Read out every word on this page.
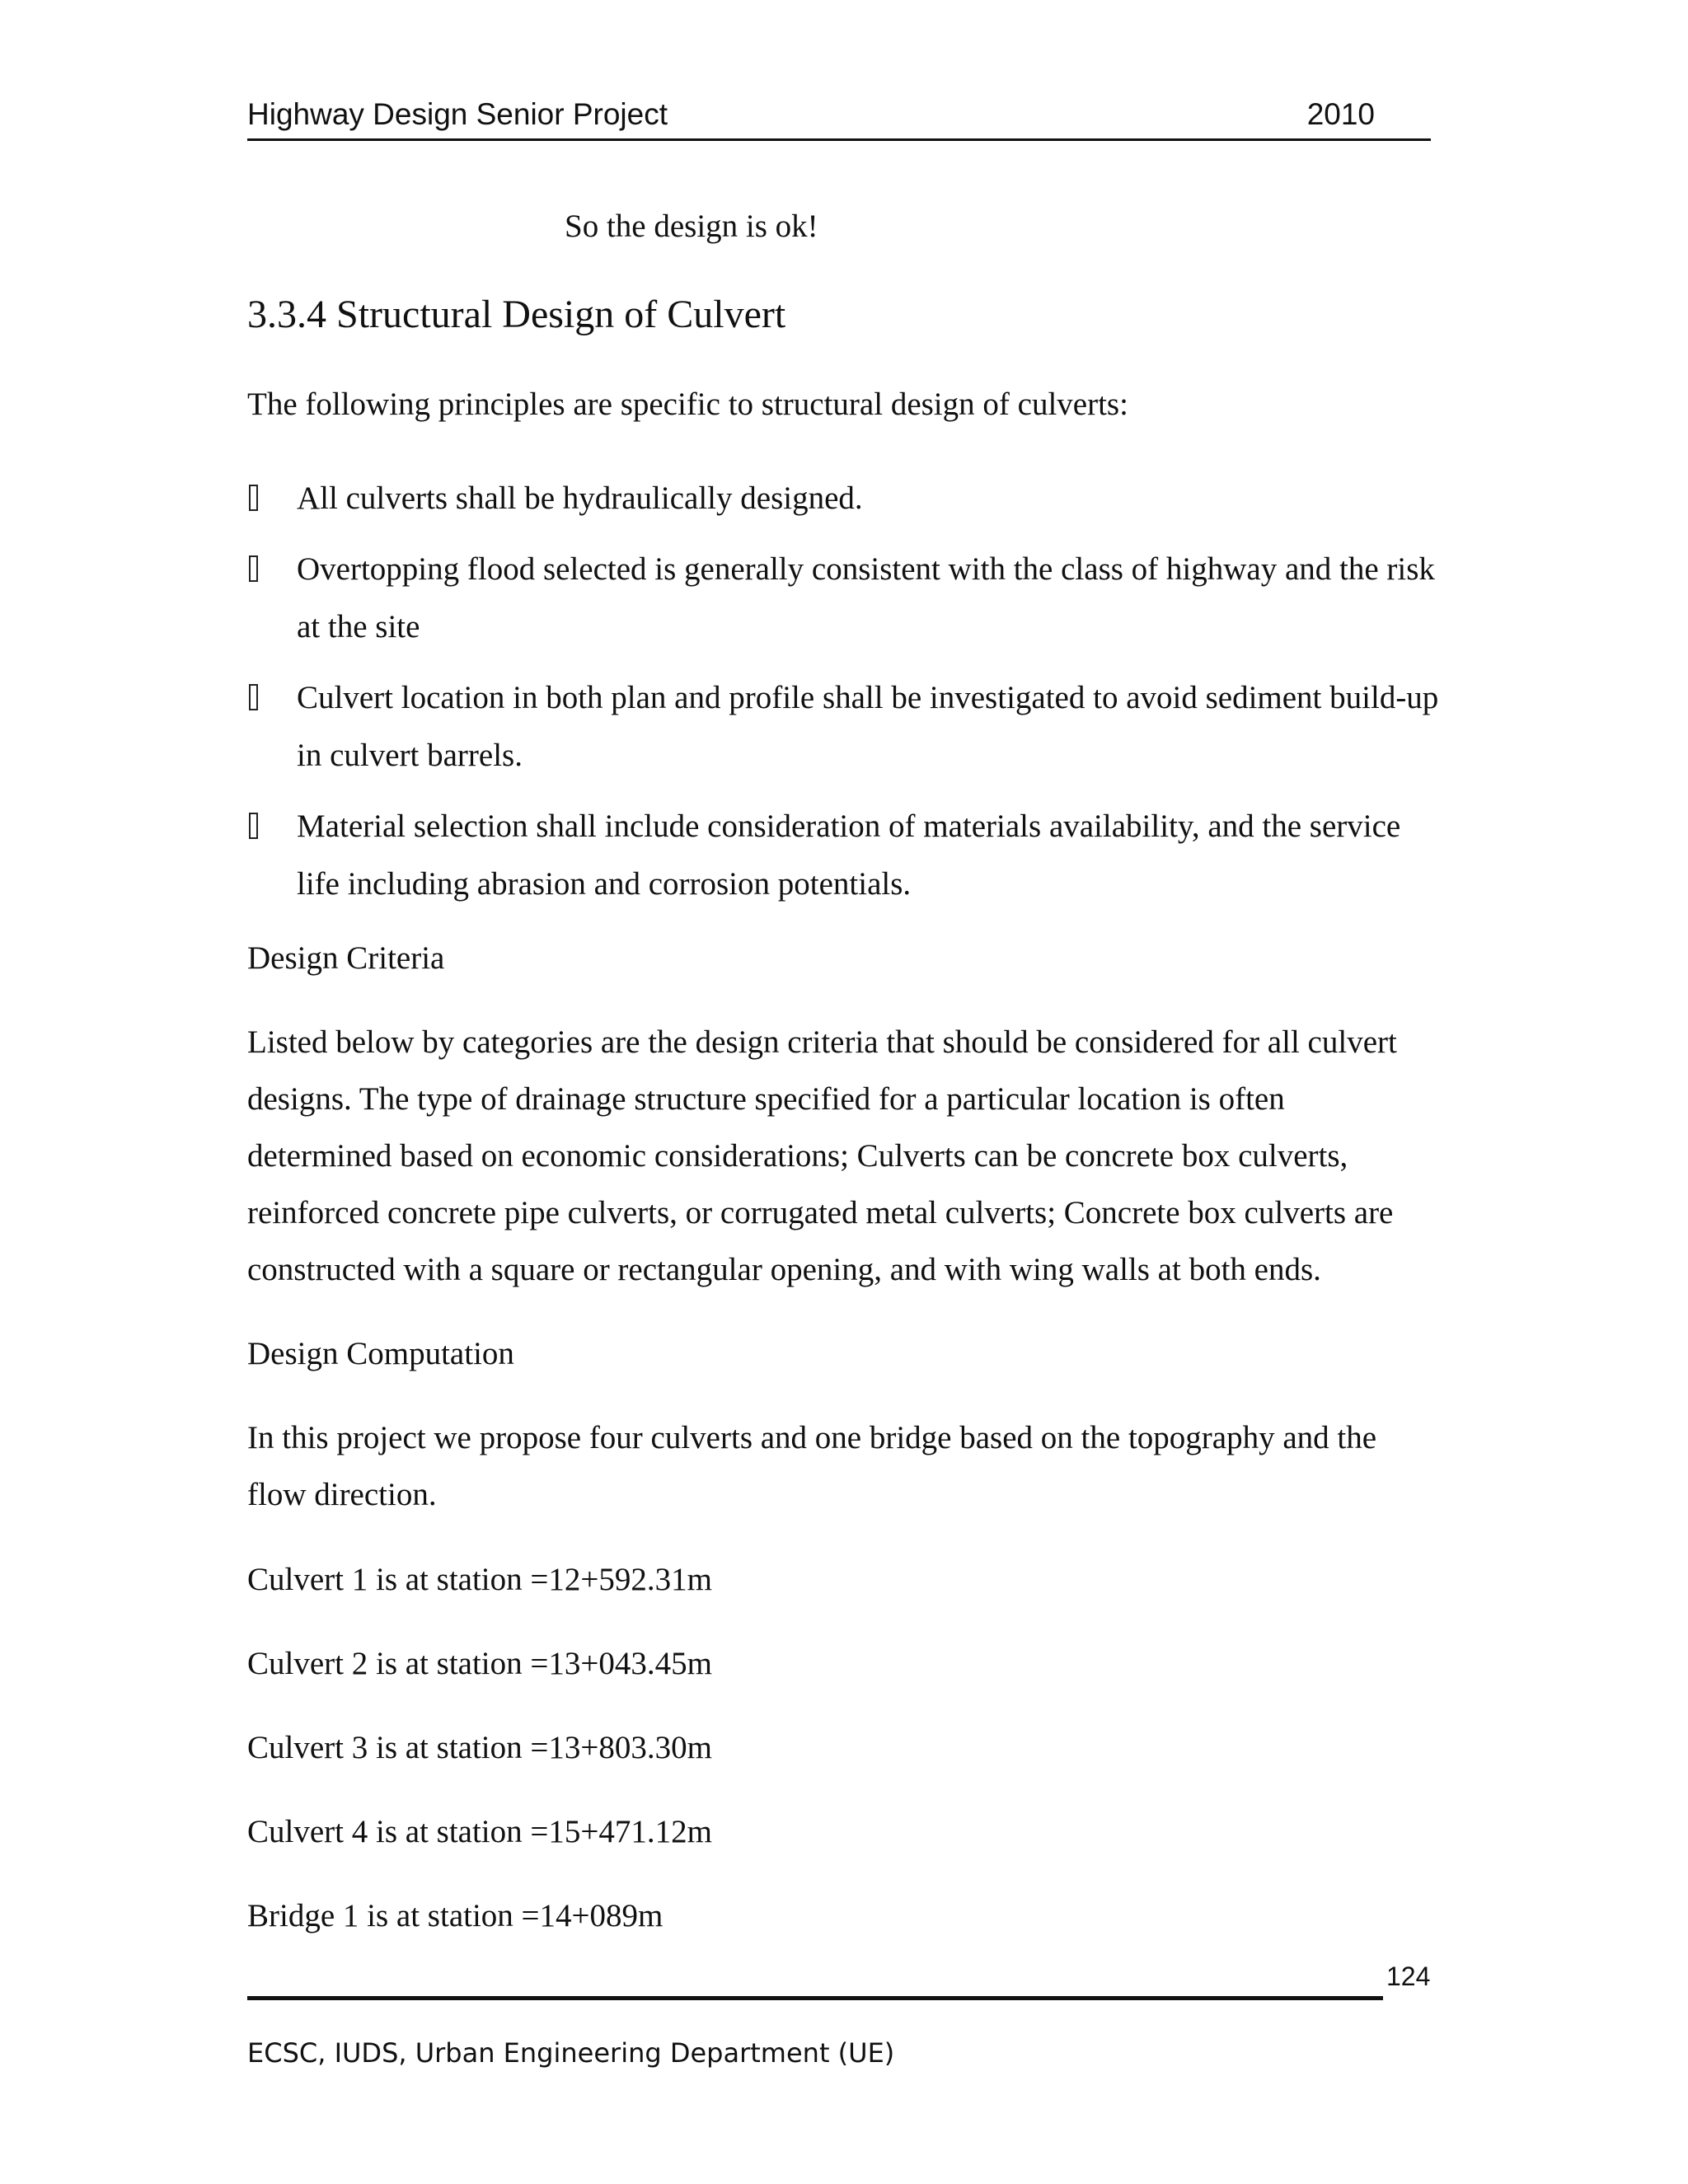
Highway Design Senior Project	2010
So the design is ok!
3.3.4 Structural Design of Culvert
The following principles are specific to structural design of culverts:
All culverts shall be hydraulically designed.
Overtopping flood selected is generally consistent with the class of highway and the risk at the site
Culvert location in both plan and profile shall be investigated to avoid sediment build-up in culvert barrels.
Material selection shall include consideration of materials availability, and the service life including abrasion and corrosion potentials.
Design Criteria
Listed below by categories are the design criteria that should be considered for all culvert designs. The type of drainage structure specified for a particular location is often determined based on economic considerations; Culverts can be concrete box culverts, reinforced concrete pipe culverts, or corrugated metal culverts; Concrete box culverts are constructed with a square or rectangular opening, and with wing walls at both ends.
Design Computation
In this project we propose four culverts and one bridge based on the topography and the flow direction.
Culvert 1 is at station =12+592.31m
Culvert 2 is at station =13+043.45m
Culvert 3 is at station =13+803.30m
Culvert 4 is at station =15+471.12m
Bridge 1 is at station =14+089m
124
ECSC, IUDS, Urban Engineering Department (UE)
